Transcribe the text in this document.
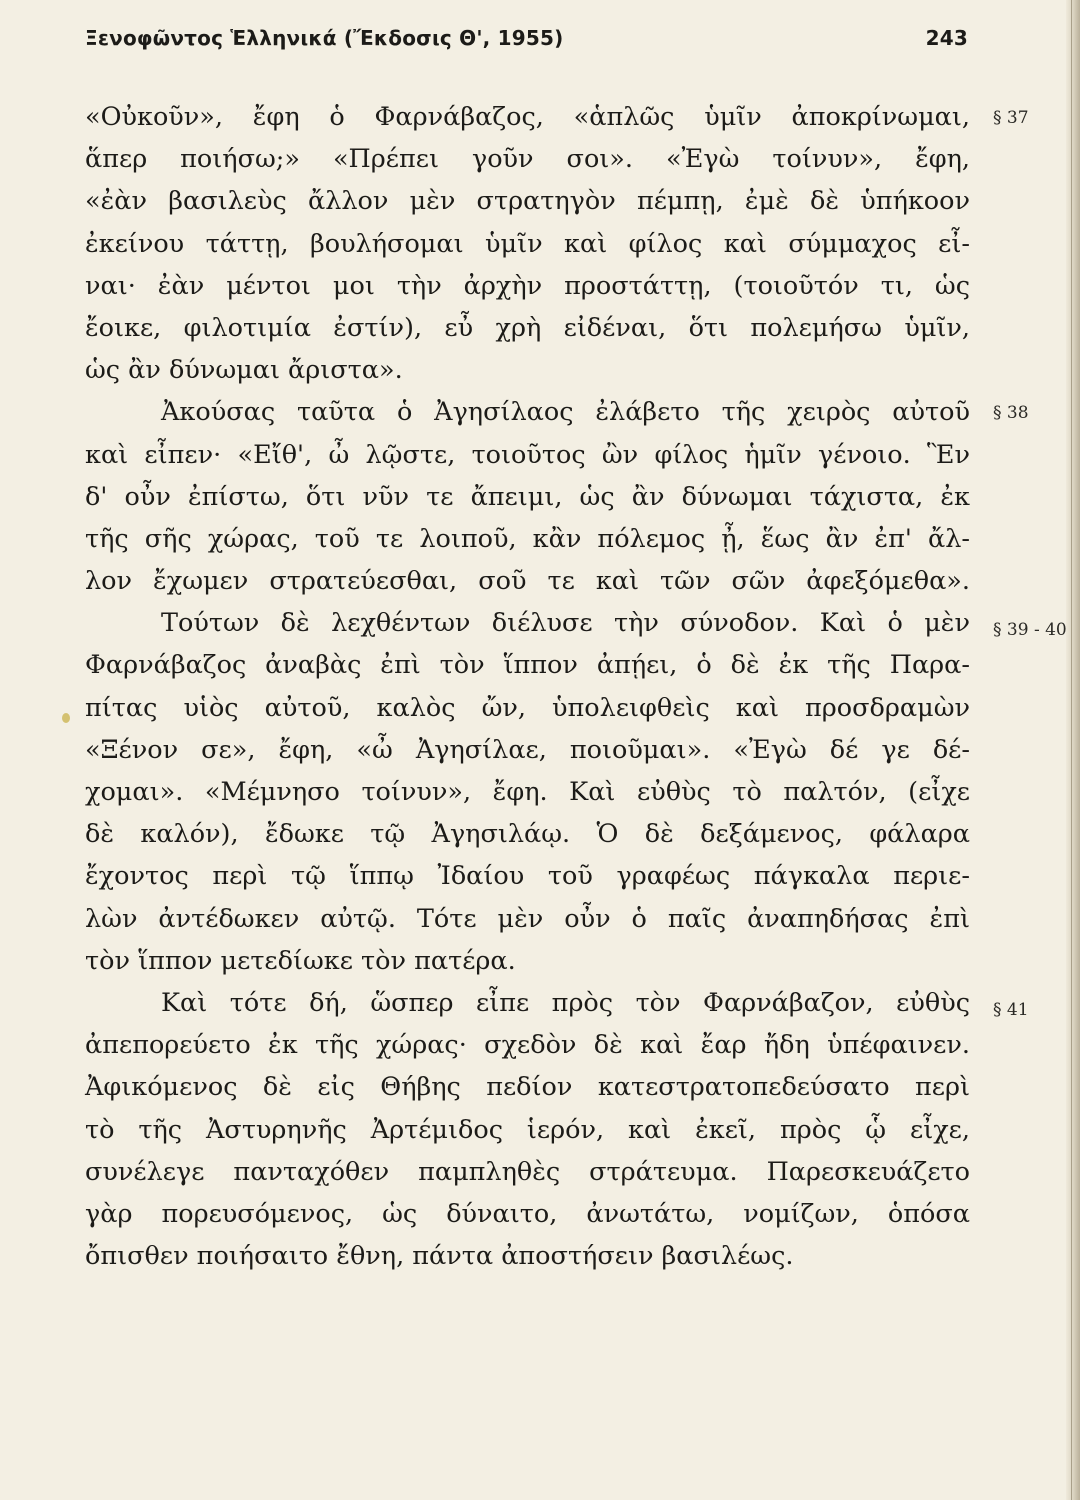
Ξενοφῶντος Ἑλληνικά (Ἔκδοσις Θ', 1955)	243
«Οὐκοῦν», ἔφη ὁ Φαρνάβαζος, «ἁπλῶς ὑμῖν ἀποκρίνωμαι,
ἅπερ ποιήσω;» «Πρέπει γοῦν σοι». «Ἐγὼ τοίνυν», ἔφη,
«ἐὰν βασιλεὺς ἄλλον μὲν στρατηγὸν πέμπῃ, ἐμὲ δὲ ὑπήκοον
ἐκείνου τάττῃ, βουλήσομαι ὑμῖν καὶ φίλος καὶ σύμμαχος εἶ-
ναι· ἐὰν μέντοι μοι τὴν ἀρχὴν προστάττῃ, (τοιοῦτόν τι, ὡς
ἔοικε, φιλοτιμία ἐστίν), εὖ χρὴ εἰδέναι, ὅτι πολεμήσω ὑμῖν,
ὡς ἂν δύνωμαι ἄριστα».
Ἀκούσας ταῦτα ὁ Ἀγησίλαος ἐλάβετο τῆς χειρὸς αὐτοῦ
καὶ εἶπεν· «Εἴθ', ὦ λῷστε, τοιοῦτος ὢν φίλος ἡμῖν γένοιο. Ἓν
δ' οὖν ἐπίστω, ὅτι νῦν τε ἄπειμι, ὡς ἂν δύνωμαι τάχιστα, ἐκ
τῆς σῆς χώρας, τοῦ τε λοιποῦ, κἂν πόλεμος ᾖ, ἕως ἂν ἐπ' ἄλ-
λον ἔχωμεν στρατεύεσθαι, σοῦ τε καὶ τῶν σῶν ἀφεξόμεθα».
Τούτων δὲ λεχθέντων διέλυσε τὴν σύνοδον. Καὶ ὁ μὲν
Φαρνάβαζος ἀναβὰς ἐπὶ τὸν ἵππον ἀπῄει, ὁ δὲ ἐκ τῆς Παρα-
πίτας υἱὸς αὐτοῦ, καλὸς ὤν, ὑπολειφθεὶς καὶ προσδραμὼν
«Ξένον σε», ἔφη, «ὦ Ἀγησίλαε, ποιοῦμαι». «Ἐγὼ δέ γε δέ-
χομαι». «Μέμνησο τοίνυν», ἔφη. Καὶ εὐθὺς τὸ παλτόν, (εἶχε
δὲ καλόν), ἔδωκε τῷ Ἀγησιλάῳ. Ὁ δὲ δεξάμενος, φάλαρα
ἔχοντος περὶ τῷ ἵππῳ Ἰδαίου τοῦ γραφέως πάγκαλα περιε-
λὼν ἀντέδωκεν αὐτῷ. Τότε μὲν οὖν ὁ παῖς ἀναπηδήσας ἐπὶ
τὸν ἵππον μετεδίωκε τὸν πατέρα.
Καὶ τότε δή, ὥσπερ εἶπε πρὸς τὸν Φαρνάβαζον, εὐθὺς
ἀπεπορεύετο ἐκ τῆς χώρας· σχεδὸν δὲ καὶ ἔαρ ἤδη ὑπέφαινεν.
Ἀφικόμενος δὲ εἰς Θήβης πεδίον κατεστρατοπεδεύσατο περὶ
τὸ τῆς Ἀστυρηνῆς Ἀρτέμιδος ἱερόν, καὶ ἐκεῖ, πρὸς ᾧ εἶχε,
συνέλεγε πανταχόθεν παμπληθὲς στράτευμα. Παρεσκευάζετο
γὰρ πορευσόμενος, ὡς δύναιτο, ἀνωτάτω, νομίζων, ὁπόσα
ὄπισθεν ποιήσαιτο ἔθνη, πάντα ἀποστήσειν βασιλέως.
§ 37
§ 38
§ 39 - 40
§ 41
